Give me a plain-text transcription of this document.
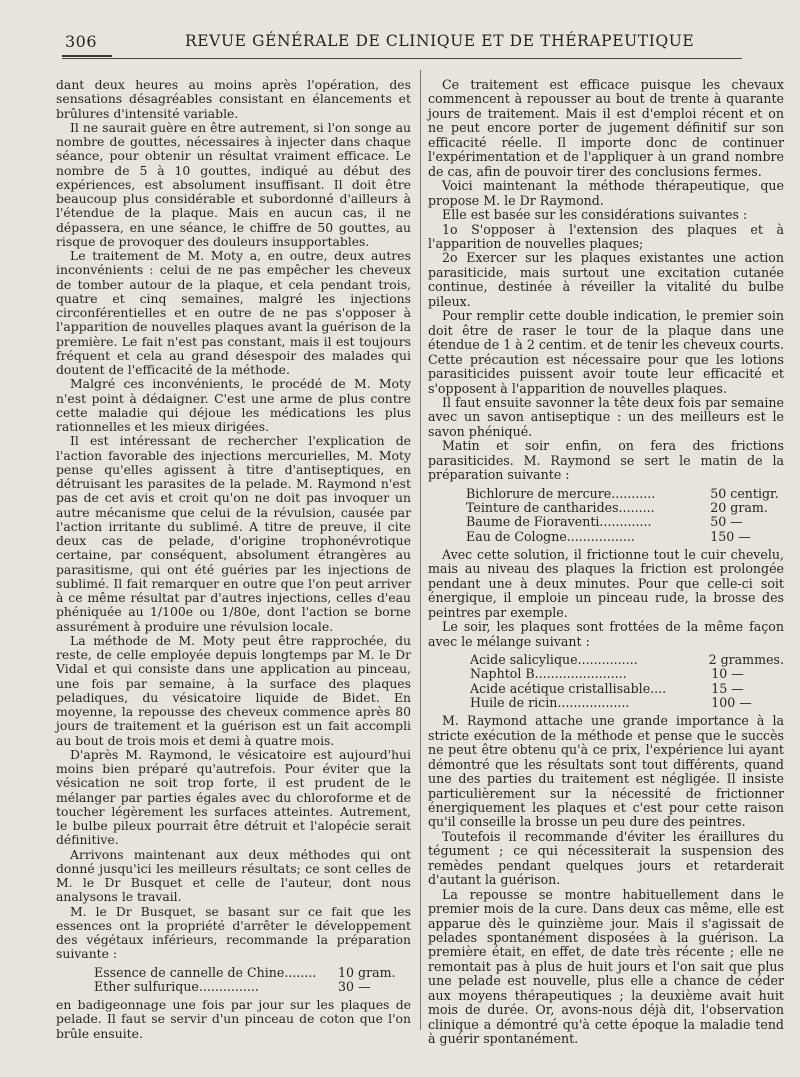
306	REVUE GÉNÉRALE DE CLINIQUE ET DE THÉRAPEUTIQUE

dant deux heures au moins après l'opération, des sensations désagréables consistant en élancements et brûlures d'intensité variable.

Il ne saurait guère en être autrement, si l'on songe au nombre de gouttes, nécessaires à injecter dans chaque séance, pour obtenir un résultat vraiment efficace. Le nombre de 5 à 10 gouttes, indiqué au début des expériences, est absolument insuffisant. Il doit être beaucoup plus considérable et subordonné d'ailleurs à l'étendue de la plaque. Mais en aucun cas, il ne dépassera, en une séance, le chiffre de 50 gouttes, au risque de provoquer des douleurs insupportables.

Le traitement de M. Moty a, en outre, deux autres inconvénients : celui de ne pas empêcher les cheveux de tomber autour de la plaque, et cela pendant trois, quatre et cinq semaines, malgré les injections circonférentielles et en outre de ne pas s'opposer à l'apparition de nouvelles plaques avant la guérison de la première. Le fait n'est pas constant, mais il est toujours fréquent et cela au grand désespoir des malades qui doutent de l'efficacité de la méthode.

Malgré ces inconvénients, le procédé de M. Moty n'est point à dédaigner. C'est une arme de plus contre cette maladie qui déjoue les médications les plus rationnelles et les mieux dirigées.

Il est intéressant de rechercher l'explication de l'action favorable des injections mercurielles, M. Moty pense qu'elles agissent à titre d'antiseptiques, en détruisant les parasites de la pelade. M. Raymond n'est pas de cet avis et croit qu'on ne doit pas invoquer un autre mécanisme que celui de la révulsion, causée par l'action irritante du sublimé. A titre de preuve, il cite deux cas de pelade, d'origine trophonévrotique certaine, par conséquent, absolument étrangères au parasitisme, qui ont été guéries par les injections de sublimé. Il fait remarquer en outre que l'on peut arriver à ce même résultat par d'autres injections, celles d'eau phéniquée au 1/100e ou 1/80e, dont l'action se borne assurément à produire une révulsion locale.

La méthode de M. Moty peut être rapprochée, du reste, de celle employée depuis longtemps par M. le Dr Vidal et qui consiste dans une application au pinceau, une fois par semaine, à la surface des plaques peladiques, du vésicatoire liquide de Bidet. En moyenne, la repousse des cheveux commence après 80 jours de traitement et la guérison est un fait accompli au bout de trois mois et demi à quatre mois.

D'après M. Raymond, le vésicatoire est aujourd'hui moins bien préparé qu'autrefois. Pour éviter que la vésication ne soit trop forte, il est prudent de le mélanger par parties égales avec du chloroforme et de toucher légèrement les surfaces atteintes. Autrement, le bulbe pileux pourrait être détruit et l'alopécie serait définitive.

Arrivons maintenant aux deux méthodes qui ont donné jusqu'ici les meilleurs résultats; ce sont celles de M. le Dr Busquet et celle de l'auteur, dont nous analysons le travail.

M. le Dr Busquet, se basant sur ce fait que les essences ont la propriété d'arrêter le développement des végétaux inférieurs, recommande la préparation suivante :

Essence de cannelle de Chine........	10 gram.
Ether sulfurique...............	30 —

en badigeonnage une fois par jour sur les plaques de pelade. Il faut se servir d'un pinceau de coton que l'on brûle ensuite.

Ce traitement est efficace puisque les chevaux commencent à repousser au bout de trente à quarante jours de traitement. Mais il est d'emploi récent et on ne peut encore porter de jugement définitif sur son efficacité réelle. Il importe donc de continuer l'expérimentation et de l'appliquer à un grand nombre de cas, afin de pouvoir tirer des conclusions fermes.

Voici maintenant la méthode thérapeutique, que propose M. le Dr Raymond.

Elle est basée sur les considérations suivantes :

1o S'opposer à l'extension des plaques et à l'apparition de nouvelles plaques;

2o Exercer sur les plaques existantes une action parasiticide, mais surtout une excitation cutanée continue, destinée à réveiller la vitalité du bulbe pileux.

Pour remplir cette double indication, le premier soin doit être de raser le tour de la plaque dans une étendue de 1 à 2 centim. et de tenir les cheveux courts. Cette précaution est nécessaire pour que les lotions parasiticides puissent avoir toute leur efficacité et s'opposent à l'apparition de nouvelles plaques.

Il faut ensuite savonner la tête deux fois par semaine avec un savon antiseptique : un des meilleurs est le savon phéniqué.

Matin et soir enfin, on fera des frictions parasiticides. M. Raymond se sert le matin de la préparation suivante :

Bichlorure de mercure...........	50 centigr.
Teinture de cantharides.........	20 gram.
Baume de Fioraventi.............	50 —
Eau de Cologne.................	150 —

Avec cette solution, il frictionne tout le cuir chevelu, mais au niveau des plaques la friction est prolongée pendant une à deux minutes. Pour que celle-ci soit énergique, il emploie un pinceau rude, la brosse des peintres par exemple.

Le soir, les plaques sont frottées de la même façon avec le mélange suivant :

Acide salicylique...............	2 grammes.
Naphtol B.......................	10 —
Acide acétique cristallisable....	15 —
Huile de ricin..................	100 —

M. Raymond attache une grande importance à la stricte exécution de la méthode et pense que le succès ne peut être obtenu qu'à ce prix, l'expérience lui ayant démontré que les résultats sont tout différents, quand une des parties du traitement est négligée. Il insiste particulièrement sur la nécessité de frictionner énergiquement les plaques et c'est pour cette raison qu'il conseille la brosse un peu dure des peintres.

Toutefois il recommande d'éviter les éraillures du tégument ; ce qui nécessiterait la suspension des remèdes pendant quelques jours et retarderait d'autant la guérison.

La repousse se montre habituellement dans le premier mois de la cure. Dans deux cas même, elle est apparue dès le quinzième jour. Mais il s'agissait de pelades spontanément disposées à la guérison. La première était, en effet, de date très récente ; elle ne remontait pas à plus de huit jours et l'on sait que plus une pelade est nouvelle, plus elle a chance de céder aux moyens thérapeutiques ; la deuxième avait huit mois de durée. Or, avons-nous déjà dit, l'observation clinique a démontré qu'à cette époque la maladie tend à guérir spontanément.
